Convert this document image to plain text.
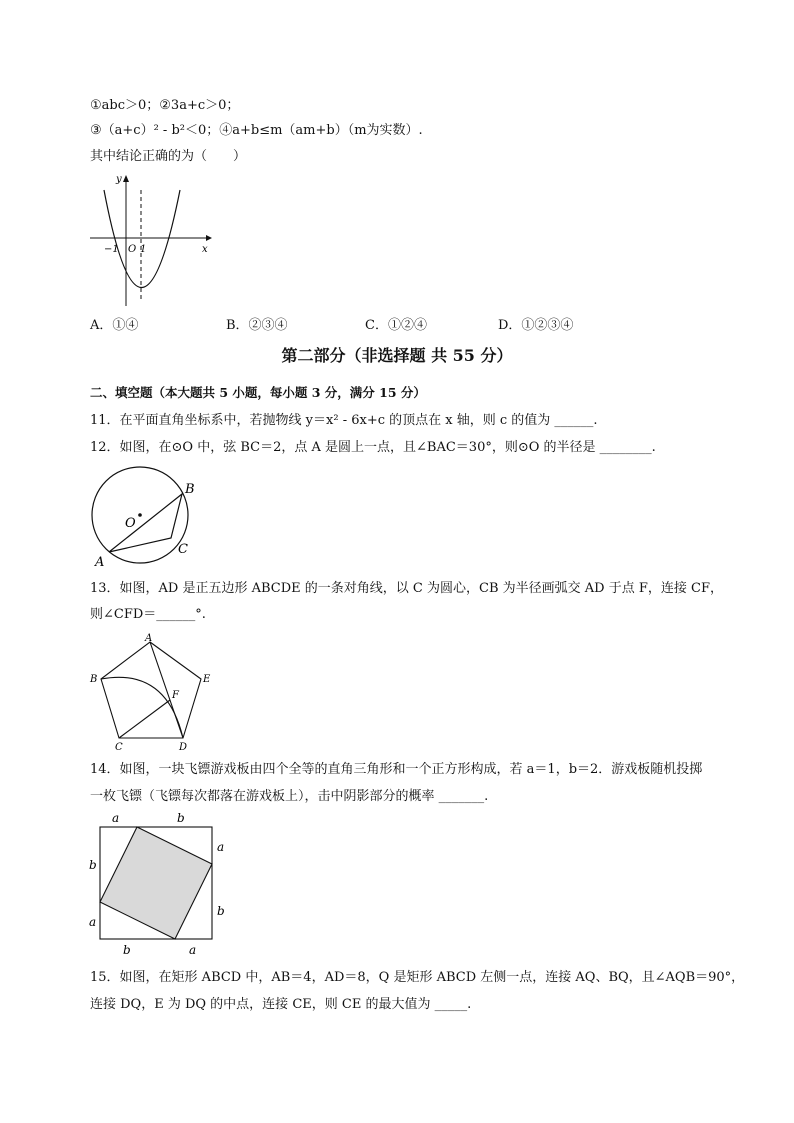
①abc＞0；②3a+c＞0；
③（a+c）² - b²＜0；④a+b≤m（am+b）（m为实数）.
其中结论正确的为（　　）
y
x
−1 O 1
A．①④	B．②③④	C．①②④	D．①②③④
第二部分（非选择题 共 55 分）
二、填空题（本大题共 5 小题，每小题 3 分，满分 15 分）
11．在平面直角坐标系中，若抛物线 y＝x² - 6x+c 的顶点在 x 轴，则 c 的值为 ______.
12．如图，在⊙O 中，弦 BC＝2，点 A 是圆上一点，且∠BAC＝30°，则⊙O 的半径是 ________.
B
O
C
A
13．如图，AD 是正五边形 ABCDE 的一条对角线，以 C 为圆心，CB 为半径画弧交 AD 于点 F，连接 CF，
则∠CFD＝______°.
A
B	E
F
C	D
14．如图，一块飞镖游戏板由四个全等的直角三角形和一个正方形构成，若 a＝1，b＝2．游戏板随机投掷
一枚飞镖（飞镖每次都落在游戏板上），击中阴影部分的概率 _______.
a	b
a
b
b	a
b
a
15．如图，在矩形 ABCD 中，AB＝4，AD＝8，Q 是矩形 ABCD 左侧一点，连接 AQ、BQ，且∠AQB＝90°，
连接 DQ，E 为 DQ 的中点，连接 CE，则 CE 的最大值为 _____.
